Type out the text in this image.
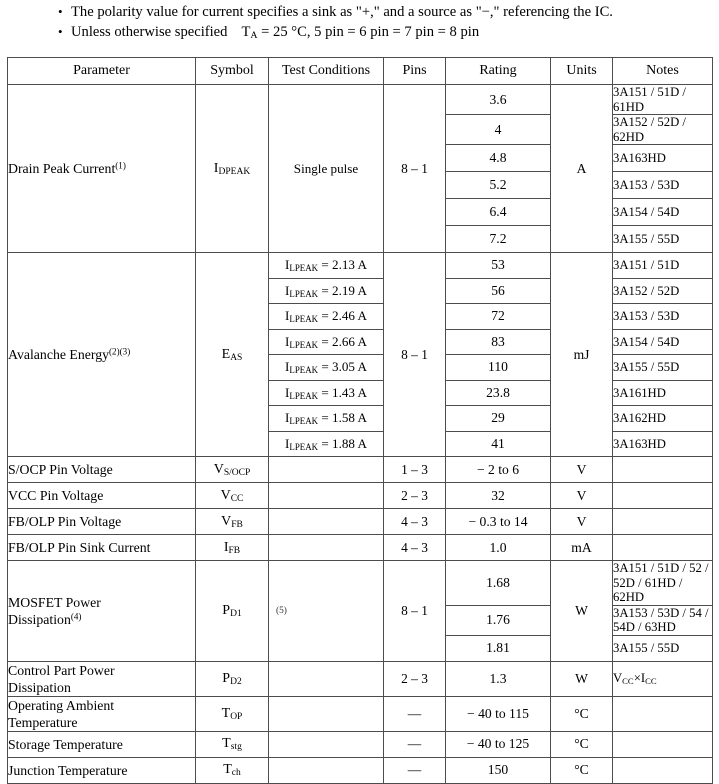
• The polarity value for current specifies a sink as "+," and a source as "−," referencing the IC.
• Unless otherwise specified $T_A = 25$ °C, 5 pin = 6 pin = 7 pin = 8 pin
Parameter	Symbol	Test Conditions	Pins	Rating	Units	Notes
Drain Peak Current$^{(1)}$	$I_{DPEAK}$	Single pulse	8 – 1	3.6	A	3A151 / 51D / 61HD
				4		3A152 / 52D / 62HD
				4.8		3A163HD
				5.2		3A153 / 53D
				6.4		3A154 / 54D
				7.2		3A155 / 55D
Avalanche Energy$^{(2)(3)}$	$E_{AS}$	$I_{LPEAK} = 2.13$ A	8 – 1	53	mJ	3A151 / 51D
		$I_{LPEAK} = 2.19$ A		56		3A152 / 52D
		$I_{LPEAK} = 2.46$ A		72		3A153 / 53D
		$I_{LPEAK} = 2.66$ A		83		3A154 / 54D
		$I_{LPEAK} = 3.05$ A		110		3A155 / 55D
		$I_{LPEAK} = 1.43$ A		23.8		3A161HD
		$I_{LPEAK} = 1.58$ A		29		3A162HD
		$I_{LPEAK} = 1.88$ A		41		3A163HD
S/OCP Pin Voltage	$V_{S/OCP}$		1 – 3	− 2 to 6	V	
VCC Pin Voltage	$V_{CC}$		2 – 3	32	V	
FB/OLP Pin Voltage	$V_{FB}$		4 – 3	− 0.3 to 14	V	
FB/OLP Pin Sink Current	$I_{FB}$		4 – 3	1.0	mA	
MOSFET Power
Dissipation$^{(4)}$	$P_{D1}$	(5)	8 – 1	1.68	W	3A151 / 51D / 52 / 52D / 61HD / 62HD
				1.76		3A153 / 53D / 54 / 54D / 63HD
				1.81		3A155 / 55D
Control Part Power
Dissipation	$P_{D2}$		2 – 3	1.3	W	$V_{CC}\times I_{CC}$
Operating Ambient
Temperature	$T_{OP}$		—	− 40 to 115	°C	
Storage Temperature	$T_{stg}$		—	− 40 to 125	°C	
Junction Temperature	$T_{ch}$		—	150	°C	
